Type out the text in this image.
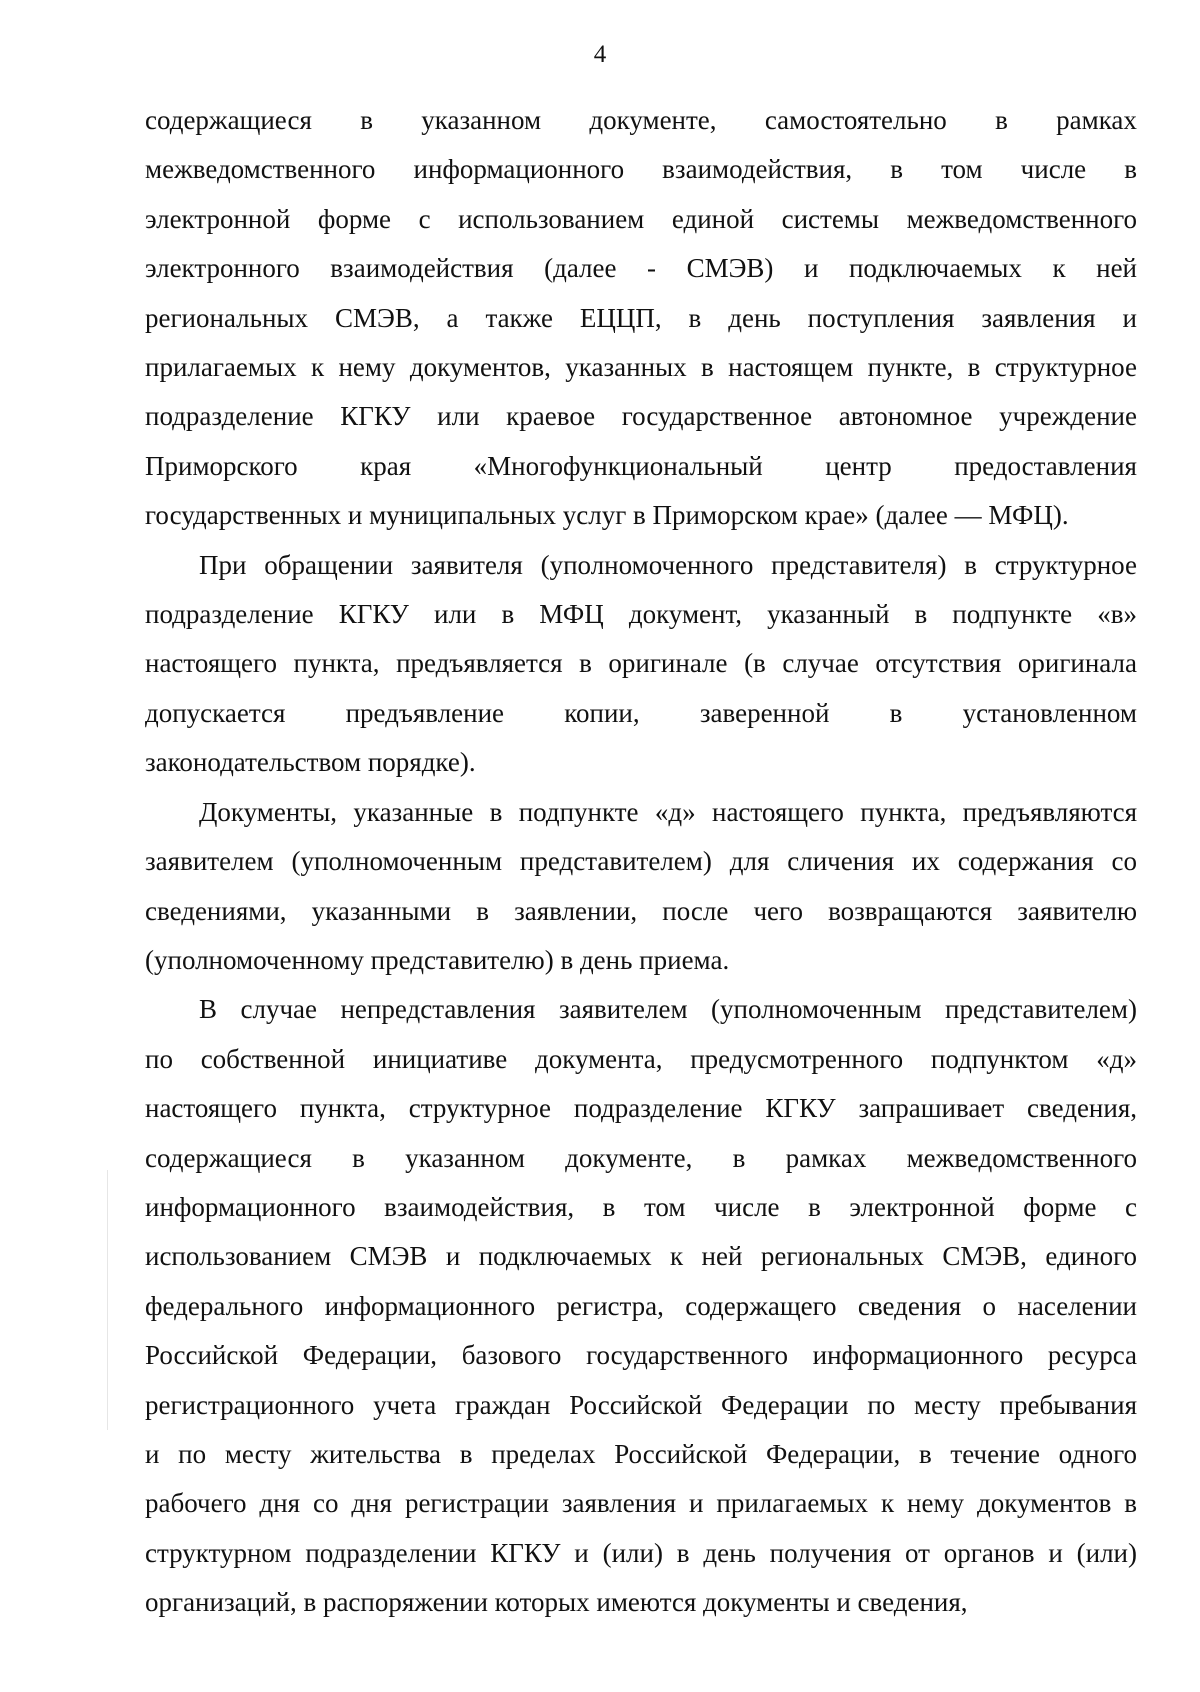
4
содержащиеся в указанном документе, самостоятельно в рамках
межведомственного информационного взаимодействия, в том числе в
электронной форме с использованием единой системы межведомственного
электронного взаимодействия (далее - СМЭВ) и подключаемых к ней
региональных СМЭВ, а также ЕЦЦП, в день поступления заявления и
прилагаемых к нему документов, указанных в настоящем пункте, в структурное
подразделение КГКУ или краевое государственное автономное учреждение
Приморского края «Многофункциональный центр предоставления
государственных и муниципальных услуг в Приморском крае» (далее — МФЦ).
При обращении заявителя (уполномоченного представителя) в структурное
подразделение КГКУ или в МФЦ документ, указанный в подпункте «в»
настоящего пункта, предъявляется в оригинале (в случае отсутствия оригинала
допускается предъявление копии, заверенной в установленном
законодательством порядке).
Документы, указанные в подпункте «д» настоящего пункта, предъявляются
заявителем (уполномоченным представителем) для сличения их содержания со
сведениями, указанными в заявлении, после чего возвращаются заявителю
(уполномоченному представителю) в день приема.
В случае непредставления заявителем (уполномоченным представителем)
по собственной инициативе документа, предусмотренного подпунктом «д»
настоящего пункта, структурное подразделение КГКУ запрашивает сведения,
содержащиеся в указанном документе, в рамках межведомственного
информационного взаимодействия, в том числе в электронной форме с
использованием СМЭВ и подключаемых к ней региональных СМЭВ, единого
федерального информационного регистра, содержащего сведения о населении
Российской Федерации, базового государственного информационного ресурса
регистрационного учета граждан Российской Федерации по месту пребывания
и по месту жительства в пределах Российской Федерации, в течение одного
рабочего дня со дня регистрации заявления и прилагаемых к нему документов в
структурном подразделении КГКУ и (или) в день получения от органов и (или)
организаций, в распоряжении которых имеются документы и сведения,
